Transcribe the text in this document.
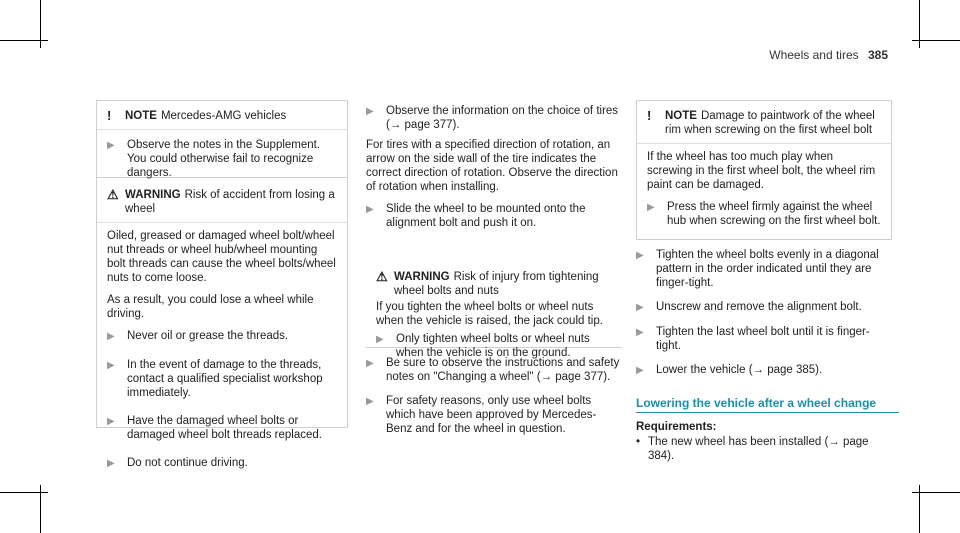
Wheels and tires 385
!	NOTE Mercedes-AMG vehicles
▶	Observe the notes in the Supplement. You could otherwise fail to recognize dangers.
⚠ WARNING Risk of accident from losing a wheel

Oiled, greased or damaged wheel bolt/wheel nut threads or wheel hub/wheel mounting bolt threads can cause the wheel bolts/wheel nuts to come loose.

As a result, you could lose a wheel while driving.

▶	Never oil or grease the threads.
▶	In the event of damage to the threads, contact a qualified specialist workshop immediately.
▶	Have the damaged wheel bolts or damaged wheel bolt threads replaced.
▶	Do not continue driving.
▶	Observe the information on the choice of tires (→ page 377).

For tires with a specified direction of rotation, an arrow on the side wall of the tire indicates the correct direction of rotation. Observe the direction of rotation when installing.

▶	Slide the wheel to be mounted onto the alignment bolt and push it on.
⚠ WARNING Risk of injury from tightening wheel bolts and nuts
If you tighten the wheel bolts or wheel nuts when the vehicle is raised, the jack could tip.
▶	Only tighten wheel bolts or wheel nuts when the vehicle is on the ground.
▶	Be sure to observe the instructions and safety notes on "Changing a wheel" (→ page 377).
▶	For safety reasons, only use wheel bolts which have been approved by Mercedes-Benz and for the wheel in question.
!	NOTE Damage to paintwork of the wheel rim when screwing on the first wheel bolt

If the wheel has too much play when screwing in the first wheel bolt, the wheel rim paint can be damaged.

▶	Press the wheel firmly against the wheel hub when screwing on the first wheel bolt.
▶	Tighten the wheel bolts evenly in a diagonal pattern in the order indicated until they are finger-tight.
▶	Unscrew and remove the alignment bolt.
▶	Tighten the last wheel bolt until it is finger-tight.
▶	Lower the vehicle (→ page 385).
Lowering the vehicle after a wheel change
Requirements:
• The new wheel has been installed (→ page 384).
